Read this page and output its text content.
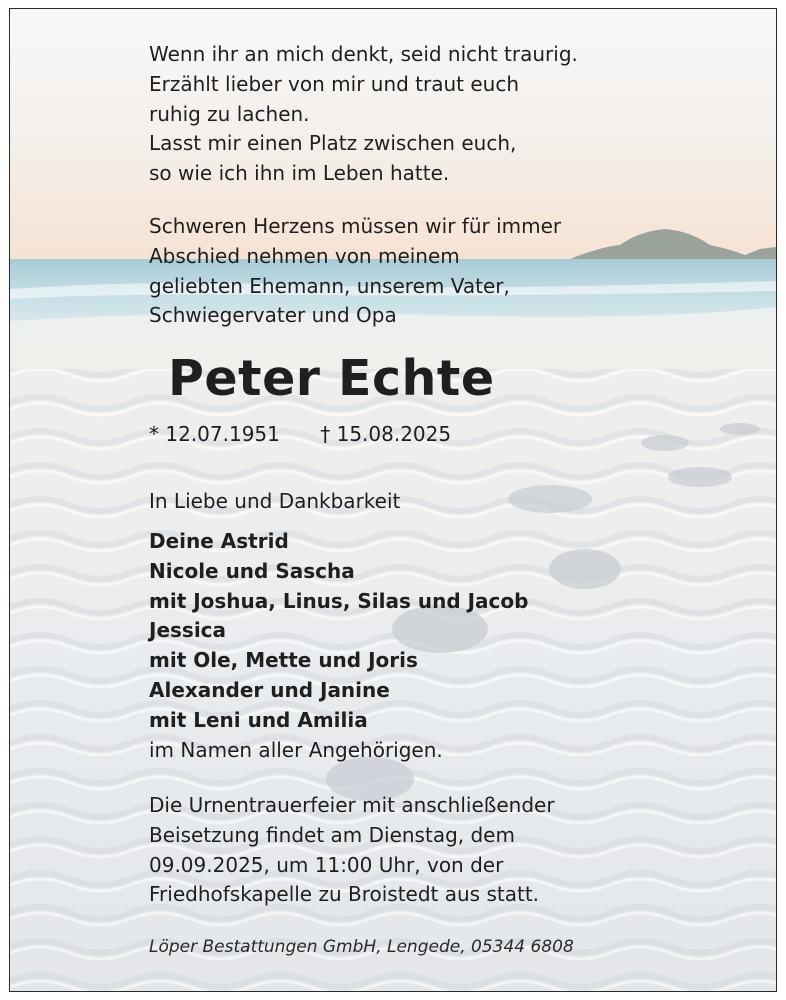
Wenn ihr an mich denkt, seid nicht traurig.
Erzählt lieber von mir und traut euch
ruhig zu lachen.
Lasst mir einen Platz zwischen euch,
so wie ich ihn im Leben hatte.
Schweren Herzens müssen wir für immer
Abschied nehmen von meinem
geliebten Ehemann, unserem Vater,
Schwiegervater und Opa
Peter Echte
* 12.07.1951 † 15.08.2025
In Liebe und Dankbarkeit
Deine Astrid
Nicole und Sascha
mit Joshua, Linus, Silas und Jacob
Jessica
mit Ole, Mette und Joris
Alexander und Janine
mit Leni und Amilia
im Namen aller Angehörigen.
Die Urnentrauerfeier mit anschließender
Beisetzung findet am Dienstag, dem
09.09.2025, um 11:00 Uhr, von der
Friedhofskapelle zu Broistedt aus statt.
Löper Bestattungen GmbH, Lengede, 05344 6808
